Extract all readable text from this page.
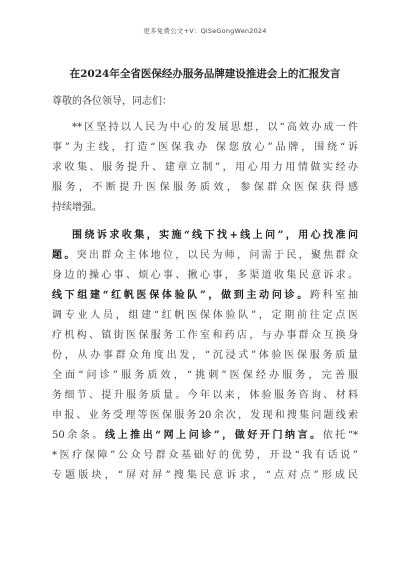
更多免费公文+V：QiSeGongWen2024
在2024年全省医保经办服务品牌建设推进会上的汇报发言
尊敬的各位领导，同志们：
**区坚持以人民为中心的发展思想，以“高效办成一件
事”为主线，打造“医保我办 保您放心”品牌，围绕“诉
求收集、服务提升、建章立制”，用心用力用情做实经办
服务，不断提升医保服务质效，参保群众医保获得感
持续增强。
围绕诉求收集，实施“线下找+线上问”，用心找准问
题。突出群众主体地位，以民为师，问需于民，聚焦群众
身边的操心事、烦心事、揪心事，多渠道收集民意诉求。
线下组建“红帆医保体验队”，做到主动问诊。跨科室抽
调专业人员，组建“红帆医保体验队”，定期前往定点医
疗机构、镇街医保服务工作室和药店，与办事群众互换身
份，从办事群众角度出发，“沉浸式”体验医保服务质量
全面“问诊”服务质效，“挑刺”医保经办服务，完善服
务细节、提升服务质量。今年以来，体验服务咨询、材料
申报、业务受理等医保服务20余次，发现和搜集问题线索
50余条。线上推出“网上问诊”，做好开门纳言。依托“*
*医疗保障”公众号群众基础好的优势，开设“我有话说”
专题版块，“屏对屏”搜集民意诉求，“点对点”形成民
